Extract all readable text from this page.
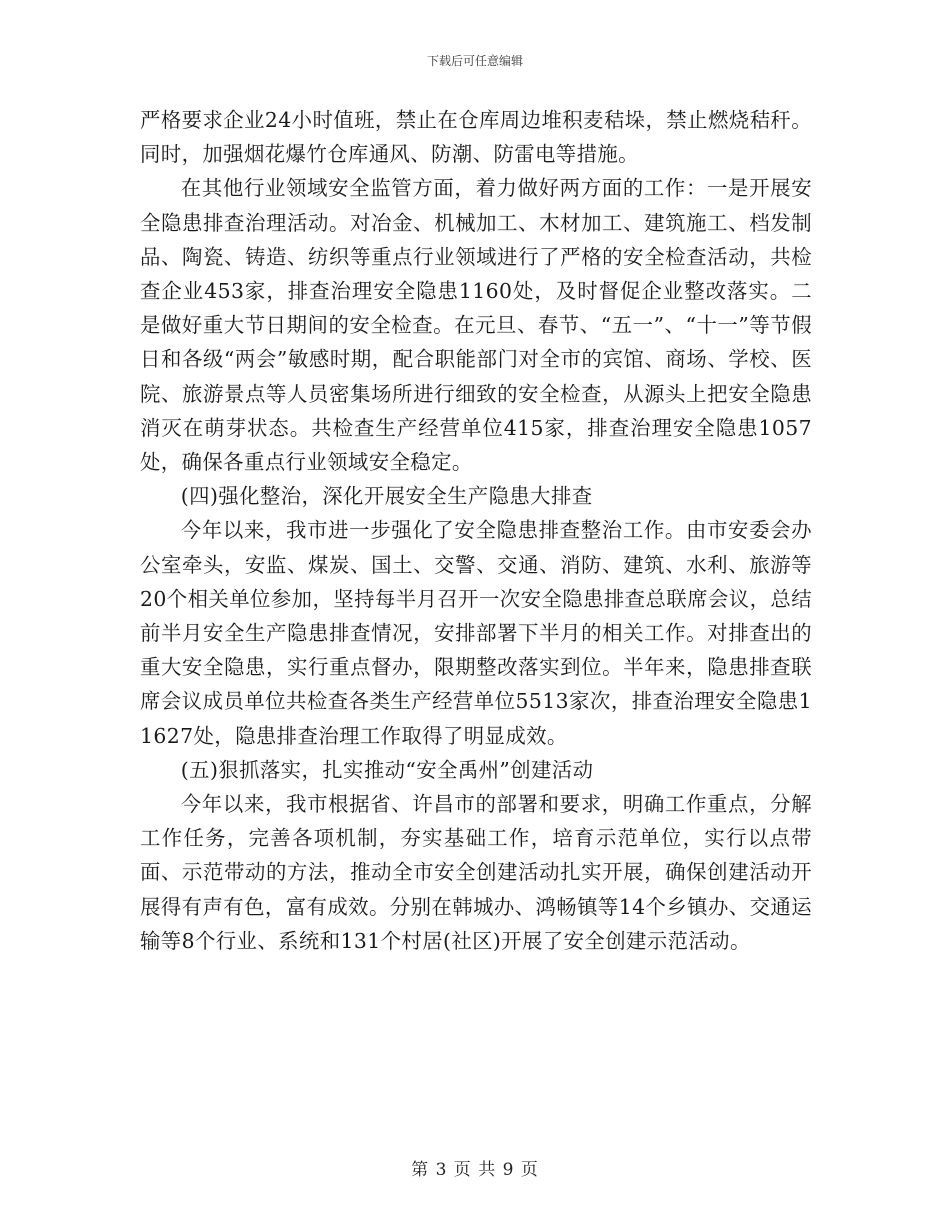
下载后可任意编辑

严格要求企业24小时值班，禁止在仓库周边堆积麦秸垛，禁止燃烧秸秆。同时，加强烟花爆竹仓库通风、防潮、防雷电等措施。

在其他行业领域安全监管方面，着力做好两方面的工作：一是开展安全隐患排查治理活动。对冶金、机械加工、木材加工、建筑施工、档发制品、陶瓷、铸造、纺织等重点行业领域进行了严格的安全检查活动，共检查企业453家，排查治理安全隐患1160处，及时督促企业整改落实。二是做好重大节日期间的安全检查。在元旦、春节、“五一”、“十一”等节假日和各级“两会”敏感时期，配合职能部门对全市的宾馆、商场、学校、医院、旅游景点等人员密集场所进行细致的安全检查，从源头上把安全隐患消灭在萌芽状态。共检查生产经营单位415家，排查治理安全隐患1057处，确保各重点行业领域安全稳定。

(四)强化整治，深化开展安全生产隐患大排查

今年以来，我市进一步强化了安全隐患排查整治工作。由市安委会办公室牵头，安监、煤炭、国土、交警、交通、消防、建筑、水利、旅游等20个相关单位参加，坚持每半月召开一次安全隐患排查总联席会议，总结前半月安全生产隐患排查情况，安排部署下半月的相关工作。对排查出的重大安全隐患，实行重点督办，限期整改落实到位。半年来，隐患排查联席会议成员单位共检查各类生产经营单位5513家次，排查治理安全隐患11627处，隐患排查治理工作取得了明显成效。

(五)狠抓落实，扎实推动“安全禹州”创建活动

今年以来，我市根据省、许昌市的部署和要求，明确工作重点，分解工作任务，完善各项机制，夯实基础工作，培育示范单位，实行以点带面、示范带动的方法，推动全市安全创建活动扎实开展，确保创建活动开展得有声有色，富有成效。分别在韩城办、鸿畅镇等14个乡镇办、交通运输等8个行业、系统和131个村居(社区)开展了安全创建示范活动。

第 3 页 共 9 页
